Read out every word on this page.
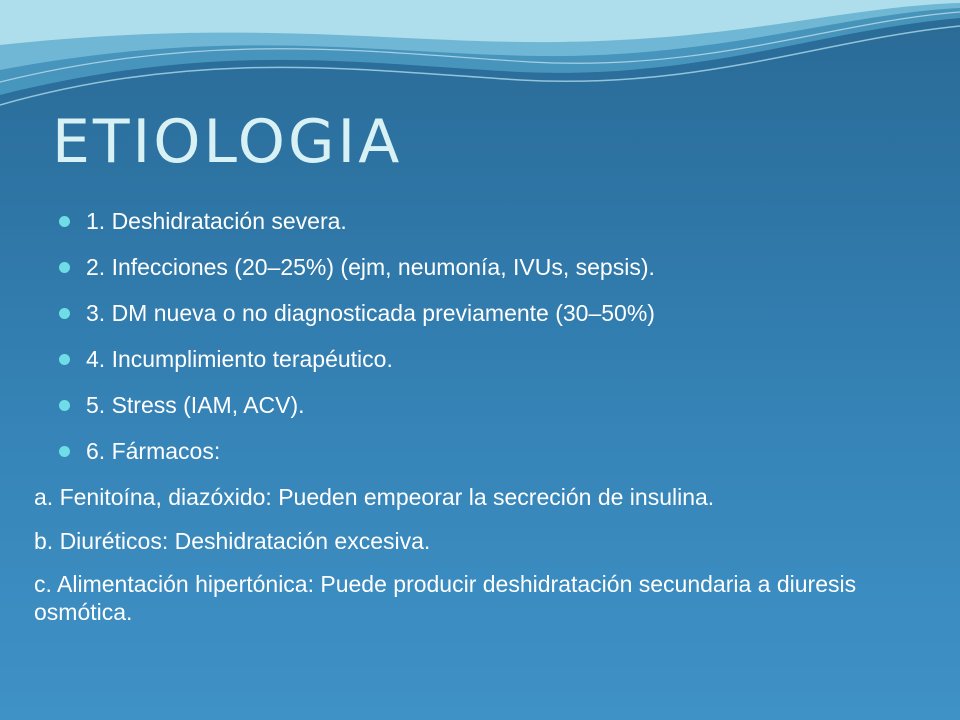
ETIOLOGIA
1. Deshidratación severa.
2. Infecciones (20–25%) (ejm, neumonía, IVUs, sepsis).
3. DM nueva o no diagnosticada previamente (30–50%)
4. Incumplimiento terapéutico.
5. Stress (IAM, ACV).
6. Fármacos:
a. Fenitoína, diazóxido: Pueden empeorar la secreción de insulina.
b. Diuréticos: Deshidratación excesiva.
c. Alimentación hipertónica: Puede producir deshidratación secundaria a diuresis osmótica.
